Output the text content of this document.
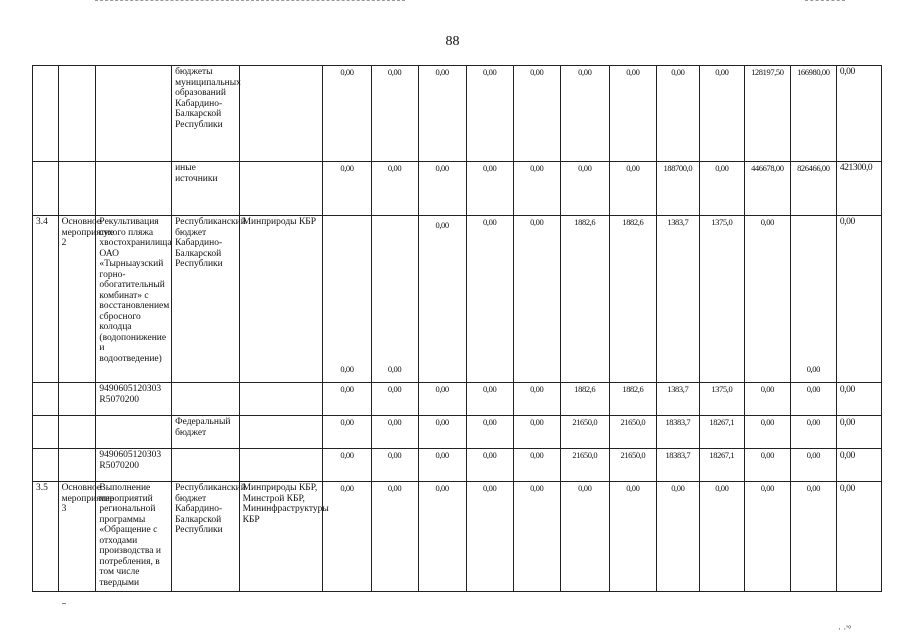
88
			бюджеты муниципальных образований Кабардино-Балкарской Республики		0,00	0,00	0,00	0,00	0,00	0,00	0,00	0,00	0,00	128197,50	166980,00	0,00
			иные источники		0,00	0,00	0,00	0,00	0,00	0,00	0,00	188700,0	0,00	446678,00	826466,00	421300,0
3.4	Основное мероприятие 2	Рекультивация сухого пляжа хвостохранилища ОАО «Тырныаузский горно-обогатительный комбинат» с восстановлением сбросного колодца (водопонижение и водоотведение)	Республиканский бюджет Кабардино-Балкарской Республики	Минприроды КБР	0,00	0,00	0,00	0,00	0,00	1882,6	1882,6	1383,7	1375,0	0,00	0,00	0,00
		9490605120З03 R5070200			0,00	0,00	0,00	0,00	0,00	1882,6	1882,6	1383,7	1375,0	0,00	0,00	0,00
			Федеральный бюджет		0,00	0,00	0,00	0,00	0,00	21650,0	21650,0	18383,7	18267,1	0,00	0,00	0,00
		9490605120З03 R5070200			0,00	0,00	0,00	0,00	0,00	21650,0	21650,0	18383,7	18267,1	0,00	0,00	0,00
3.5	Основное мероприятие 3	Выполнение мероприятий региональной программы «Обращение с отходами производства и потребления, в том числе твердыми	Республиканский бюджет Кабардино-Балкарской Республики	Минприроды КБР, Минстрой КБР, Мининфраструктуры КБР	0,00	0,00	0,00	0,00	0,00	0,00	0,00	0,00	0,00	0,00	0,00	0,00
· ·'°
